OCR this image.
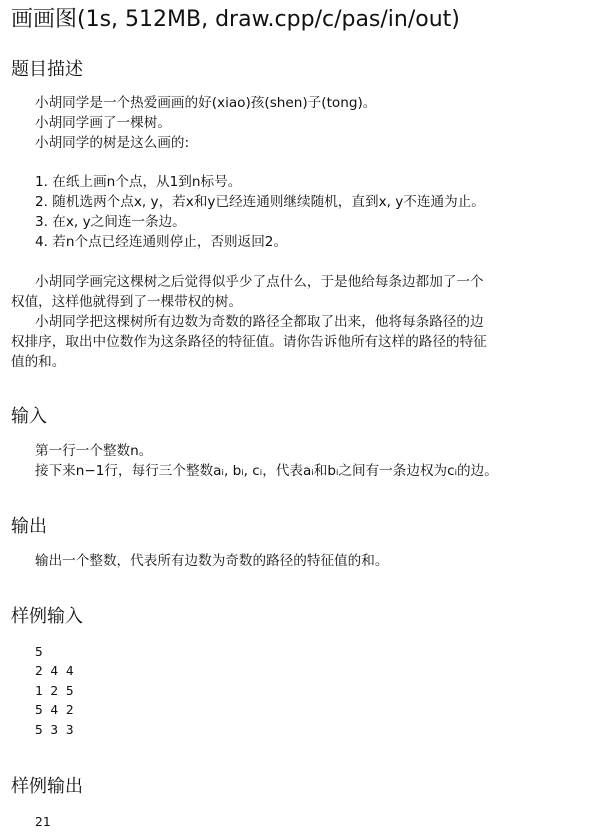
画画图(1s, 512MB, draw.cpp/c/pas/in/out)
题目描述
小胡同学是一个热爱画画的好(xiao)孩(shen)子(tong)。
小胡同学画了一棵树。
小胡同学的树是这么画的:
1. 在纸上画n个点，从1到n标号。
2. 随机选两个点x, y，若x和y已经连通则继续随机，直到x, y不连通为止。
3. 在x, y之间连一条边。
4. 若n个点已经连通则停止，否则返回2。
小胡同学画完这棵树之后觉得似乎少了点什么，于是他给每条边都加了一个
权值，这样他就得到了一棵带权的树。
小胡同学把这棵树所有边数为奇数的路径全都取了出来，他将每条路径的边
权排序，取出中位数作为这条路径的特征值。请你告诉他所有这样的路径的特征
值的和。
输入
第一行一个整数n。
接下来n−1行，每行三个整数aᵢ, bᵢ, cᵢ，代表aᵢ和bᵢ之间有一条边权为cᵢ的边。
输出
输出一个整数，代表所有边数为奇数的路径的特征值的和。
样例输入
5
2 4 4
1 2 5
5 4 2
5 3 3
样例输出
21
